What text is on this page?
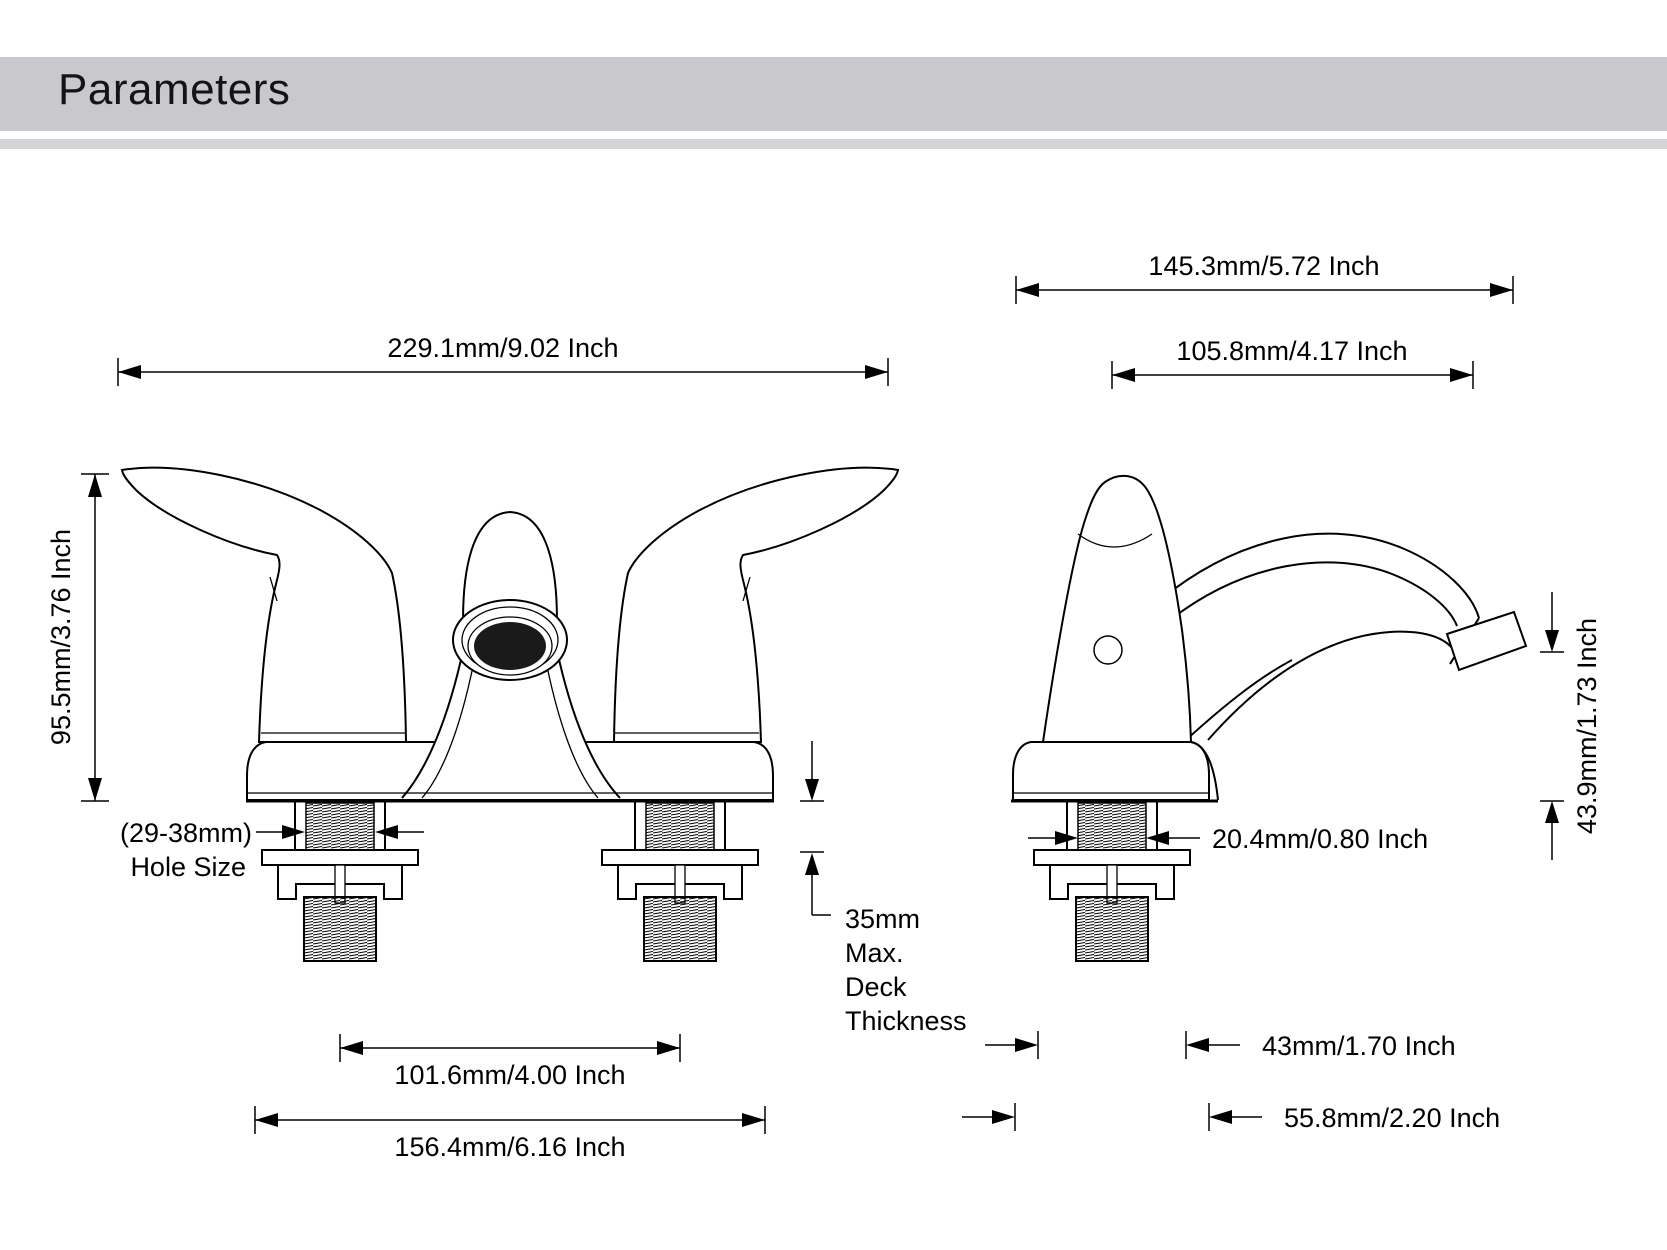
Parameters
229.1mm/9.02 Inch
95.5mm/3.76 Inch
(29-38mm)
Hole Size
35mm
Max.
Deck
Thickness
101.6mm/4.00 Inch
156.4mm/6.16 Inch
145.3mm/5.72 Inch
105.8mm/4.17 Inch
20.4mm/0.80 Inch
43.9mm/1.73 Inch
43mm/1.70 Inch
55.8mm/2.20 Inch
